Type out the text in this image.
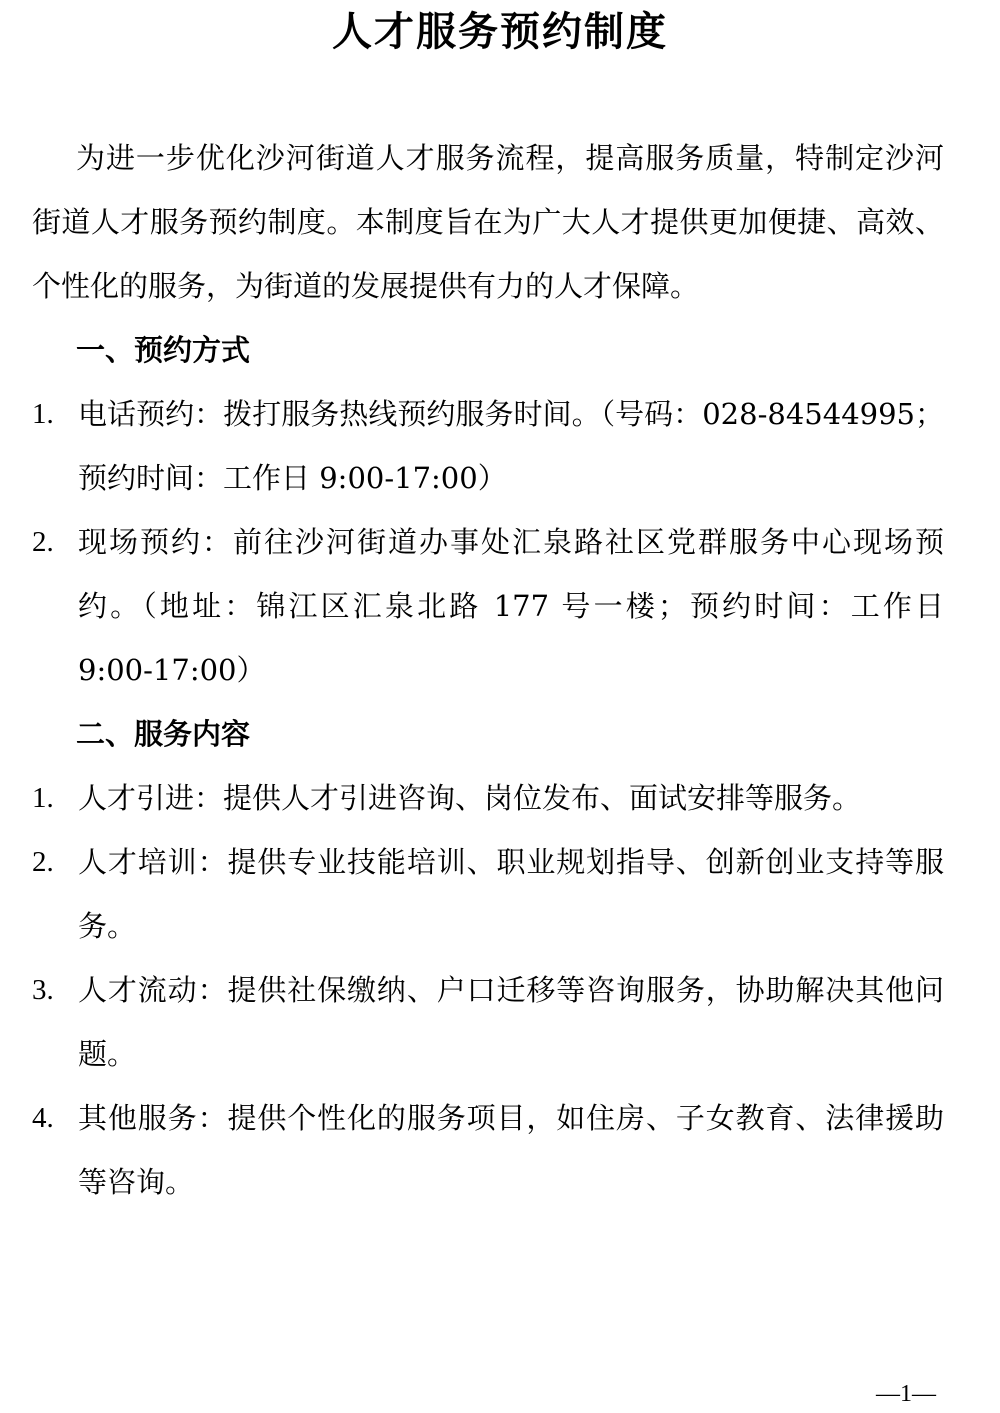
人才服务预约制度

为进一步优化沙河街道人才服务流程，提高服务质量，特制定沙河街道人才服务预约制度。本制度旨在为广大人才提供更加便捷、高效、个性化的服务，为街道的发展提供有力的人才保障。

一、预约方式

1. 电话预约：拨打服务热线预约服务时间。（号码：028-84544995；预约时间：工作日 9:00-17:00）
2. 现场预约：前往沙河街道办事处汇泉路社区党群服务中心现场预约。（地址：锦江区汇泉北路 177 号一楼；预约时间：工作日 9:00-17:00）

二、服务内容

1. 人才引进：提供人才引进咨询、岗位发布、面试安排等服务。
2. 人才培训：提供专业技能培训、职业规划指导、创新创业支持等服务。
3. 人才流动：提供社保缴纳、户口迁移等咨询服务，协助解决其他问题。
4. 其他服务：提供个性化的服务项目，如住房、子女教育、法律援助等咨询。
—1—
